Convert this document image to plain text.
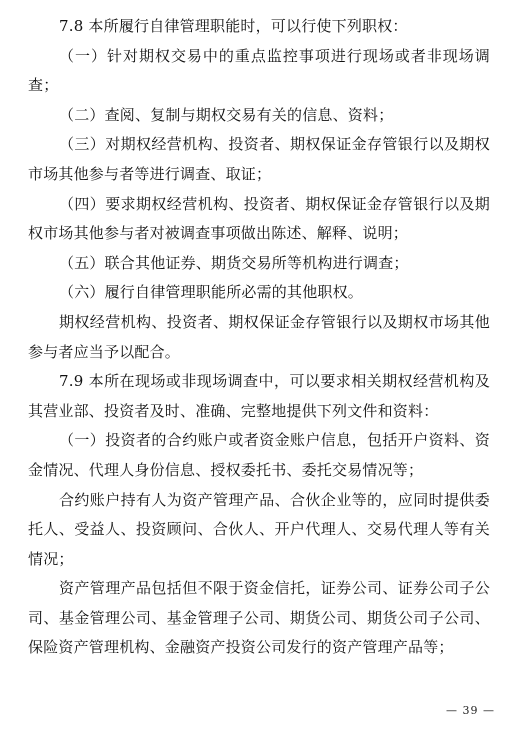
7.8 本所履行自律管理职能时，可以行使下列职权：

（一）针对期权交易中的重点监控事项进行现场或者非现场调查；

（二）查阅、复制与期权交易有关的信息、资料；

（三）对期权经营机构、投资者、期权保证金存管银行以及期权市场其他参与者等进行调查、取证；

（四）要求期权经营机构、投资者、期权保证金存管银行以及期权市场其他参与者对被调查事项做出陈述、解释、说明；

（五）联合其他证券、期货交易所等机构进行调查；

（六）履行自律管理职能所必需的其他职权。

期权经营机构、投资者、期权保证金存管银行以及期权市场其他参与者应当予以配合。

7.9 本所在现场或非现场调查中，可以要求相关期权经营机构及其营业部、投资者及时、准确、完整地提供下列文件和资料：

（一）投资者的合约账户或者资金账户信息，包括开户资料、资金情况、代理人身份信息、授权委托书、委托交易情况等；

合约账户持有人为资产管理产品、合伙企业等的，应同时提供委托人、受益人、投资顾问、合伙人、开户代理人、交易代理人等有关情况；

资产管理产品包括但不限于资金信托，证券公司、证券公司子公司、基金管理公司、基金管理子公司、期货公司、期货公司子公司、保险资产管理机构、金融资产投资公司发行的资产管理产品等；

— 39 —
